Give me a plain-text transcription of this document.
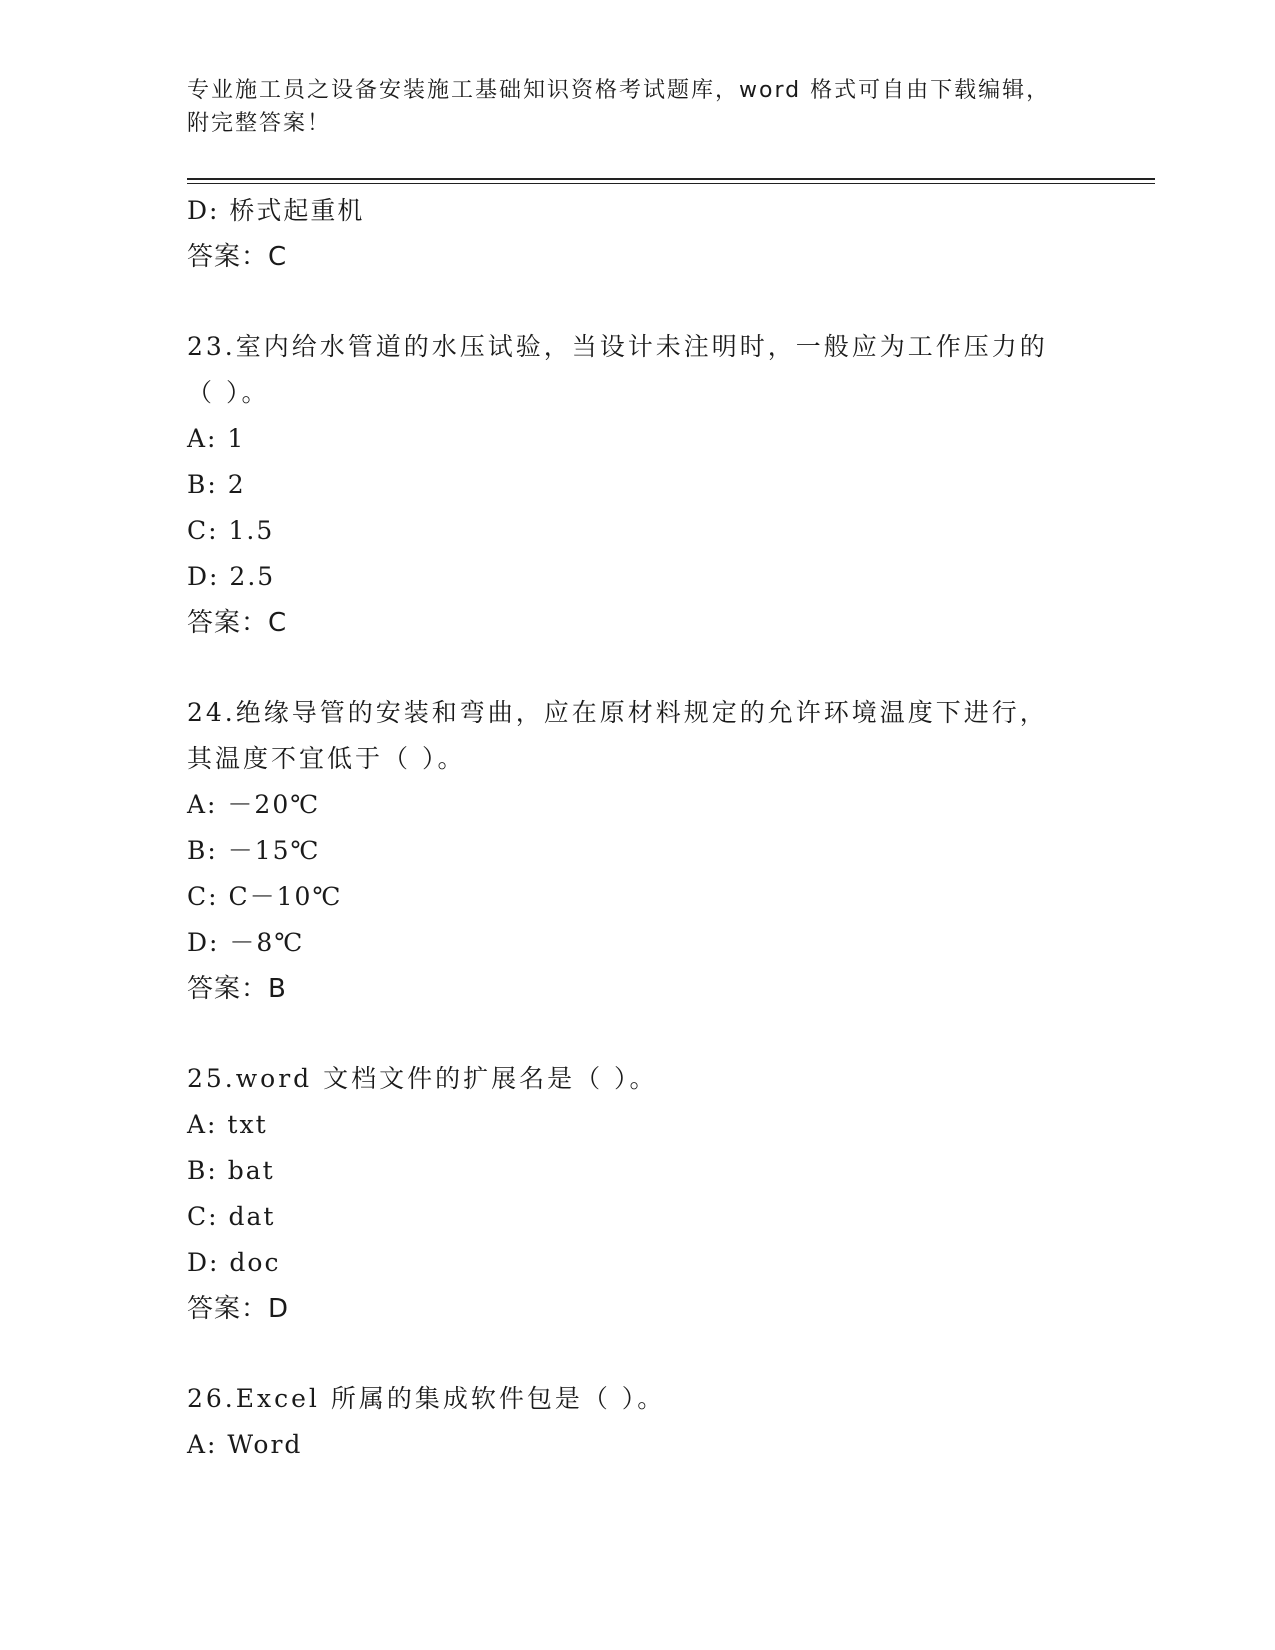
专业施工员之设备安装施工基础知识资格考试题库，word 格式可自由下载编辑，
附完整答案！
D: 桥式起重机
答案：C
23.室内给水管道的水压试验，当设计未注明时，一般应为工作压力的
（ ）。
A: 1
B: 2
C: 1.5
D: 2.5
答案：C
24.绝缘导管的安装和弯曲，应在原材料规定的允许环境温度下进行，
其温度不宜低于（ ）。
A: －20℃
B: －15℃
C: C－10℃
D: －8℃
答案：B
25.word 文档文件的扩展名是（ ）。
A: txt
B: bat
C: dat
D: doc
答案：D
26.Excel 所属的集成软件包是（ ）。
A: Word
